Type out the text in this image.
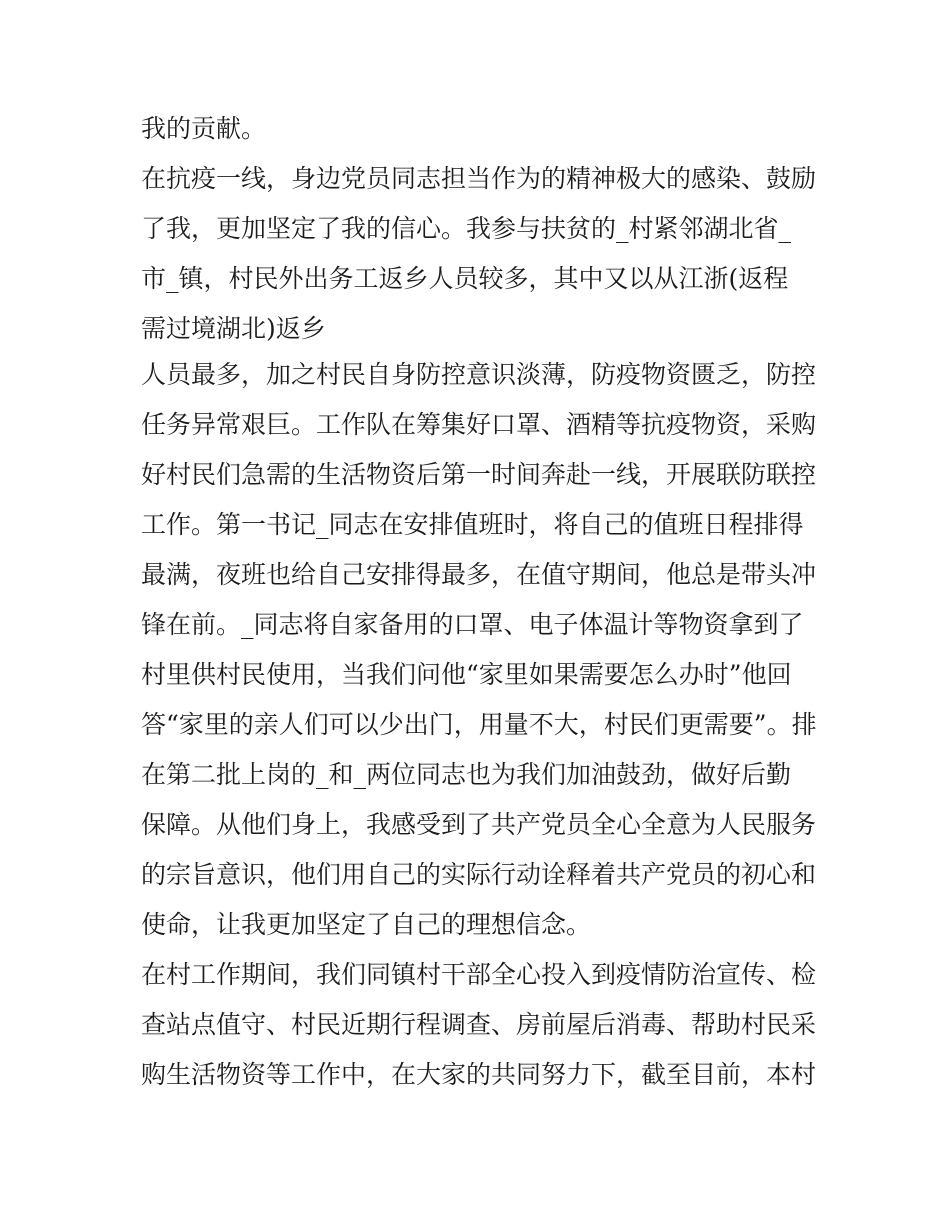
我的贡献。
在抗疫一线，身边党员同志担当作为的精神极大的感染、鼓励
了我，更加坚定了我的信心。我参与扶贫的_村紧邻湖北省_
市_镇，村民外出务工返乡人员较多，其中又以从江浙(返程
需过境湖北)返乡
人员最多，加之村民自身防控意识淡薄，防疫物资匮乏，防控
任务异常艰巨。工作队在筹集好口罩、酒精等抗疫物资，采购
好村民们急需的生活物资后第一时间奔赴一线，开展联防联控
工作。第一书记_同志在安排值班时，将自己的值班日程排得
最满，夜班也给自己安排得最多，在值守期间，他总是带头冲
锋在前。_同志将自家备用的口罩、电子体温计等物资拿到了
村里供村民使用，当我们问他“家里如果需要怎么办时”他回
答“家里的亲人们可以少出门，用量不大，村民们更需要”。排
在第二批上岗的_和_两位同志也为我们加油鼓劲，做好后勤
保障。从他们身上，我感受到了共产党员全心全意为人民服务
的宗旨意识，他们用自己的实际行动诠释着共产党员的初心和
使命，让我更加坚定了自己的理想信念。
在村工作期间，我们同镇村干部全心投入到疫情防治宣传、检
查站点值守、村民近期行程调查、房前屋后消毒、帮助村民采
购生活物资等工作中，在大家的共同努力下，截至目前，本村
